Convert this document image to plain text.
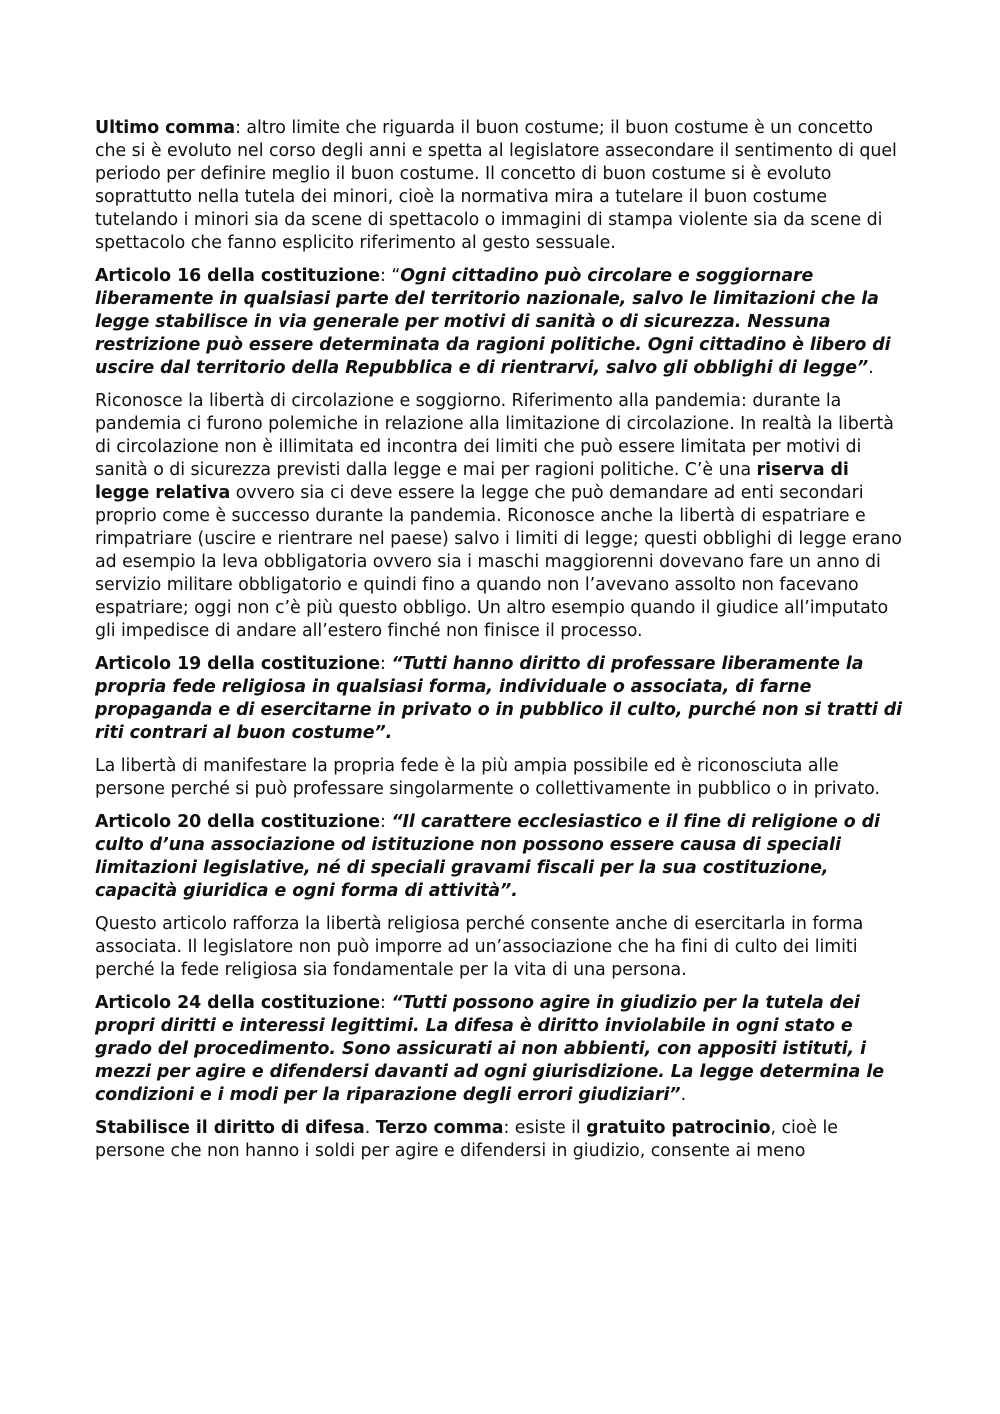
Ultimo comma: altro limite che riguarda il buon costume; il buon costume è un concetto che si è evoluto nel corso degli anni e spetta al legislatore assecondare il sentimento di quel periodo per definire meglio il buon costume. Il concetto di buon costume si è evoluto soprattutto nella tutela dei minori, cioè la normativa mira a tutelare il buon costume tutelando i minori sia da scene di spettacolo o immagini di stampa violente sia da scene di spettacolo che fanno esplicito riferimento al gesto sessuale.

Articolo 16 della costituzione: “Ogni cittadino può circolare e soggiornare liberamente in qualsiasi parte del territorio nazionale, salvo le limitazioni che la legge stabilisce in via generale per motivi di sanità o di sicurezza. Nessuna restrizione può essere determinata da ragioni politiche. Ogni cittadino è libero di uscire dal territorio della Repubblica e di rientrarvi, salvo gli obblighi di legge”.

Riconosce la libertà di circolazione e soggiorno. Riferimento alla pandemia: durante la pandemia ci furono polemiche in relazione alla limitazione di circolazione. In realtà la libertà di circolazione non è illimitata ed incontra dei limiti che può essere limitata per motivi di sanità o di sicurezza previsti dalla legge e mai per ragioni politiche. C’è una riserva di legge relativa ovvero sia ci deve essere la legge che può demandare ad enti secondari proprio come è successo durante la pandemia. Riconosce anche la libertà di espatriare e rimpatriare (uscire e rientrare nel paese) salvo i limiti di legge; questi obblighi di legge erano ad esempio la leva obbligatoria ovvero sia i maschi maggiorenni dovevano fare un anno di servizio militare obbligatorio e quindi fino a quando non l’avevano assolto non facevano espatriare; oggi non c’è più questo obbligo. Un altro esempio quando il giudice all’imputato gli impedisce di andare all’estero finché non finisce il processo.

Articolo 19 della costituzione: “Tutti hanno diritto di professare liberamente la propria fede religiosa in qualsiasi forma, individuale o associata, di farne propaganda e di esercitarne in privato o in pubblico il culto, purché non si tratti di riti contrari al buon costume”.

La libertà di manifestare la propria fede è la più ampia possibile ed è riconosciuta alle persone perché si può professare singolarmente o collettivamente in pubblico o in privato.

Articolo 20 della costituzione: “Il carattere ecclesiastico e il fine di religione o di culto d’una associazione od istituzione non possono essere causa di speciali limitazioni legislative, né di speciali gravami fiscali per la sua costituzione, capacità giuridica e ogni forma di attività”.

Questo articolo rafforza la libertà religiosa perché consente anche di esercitarla in forma associata. Il legislatore non può imporre ad un’associazione che ha fini di culto dei limiti perché la fede religiosa sia fondamentale per la vita di una persona.

Articolo 24 della costituzione: “Tutti possono agire in giudizio per la tutela dei propri diritti e interessi legittimi. La difesa è diritto inviolabile in ogni stato e grado del procedimento. Sono assicurati ai non abbienti, con appositi istituti, i mezzi per agire e difendersi davanti ad ogni giurisdizione. La legge determina le condizioni e i modi per la riparazione degli errori giudiziari”.

Stabilisce il diritto di difesa. Terzo comma: esiste il gratuito patrocinio, cioè le persone che non hanno i soldi per agire e difendersi in giudizio, consente ai meno
